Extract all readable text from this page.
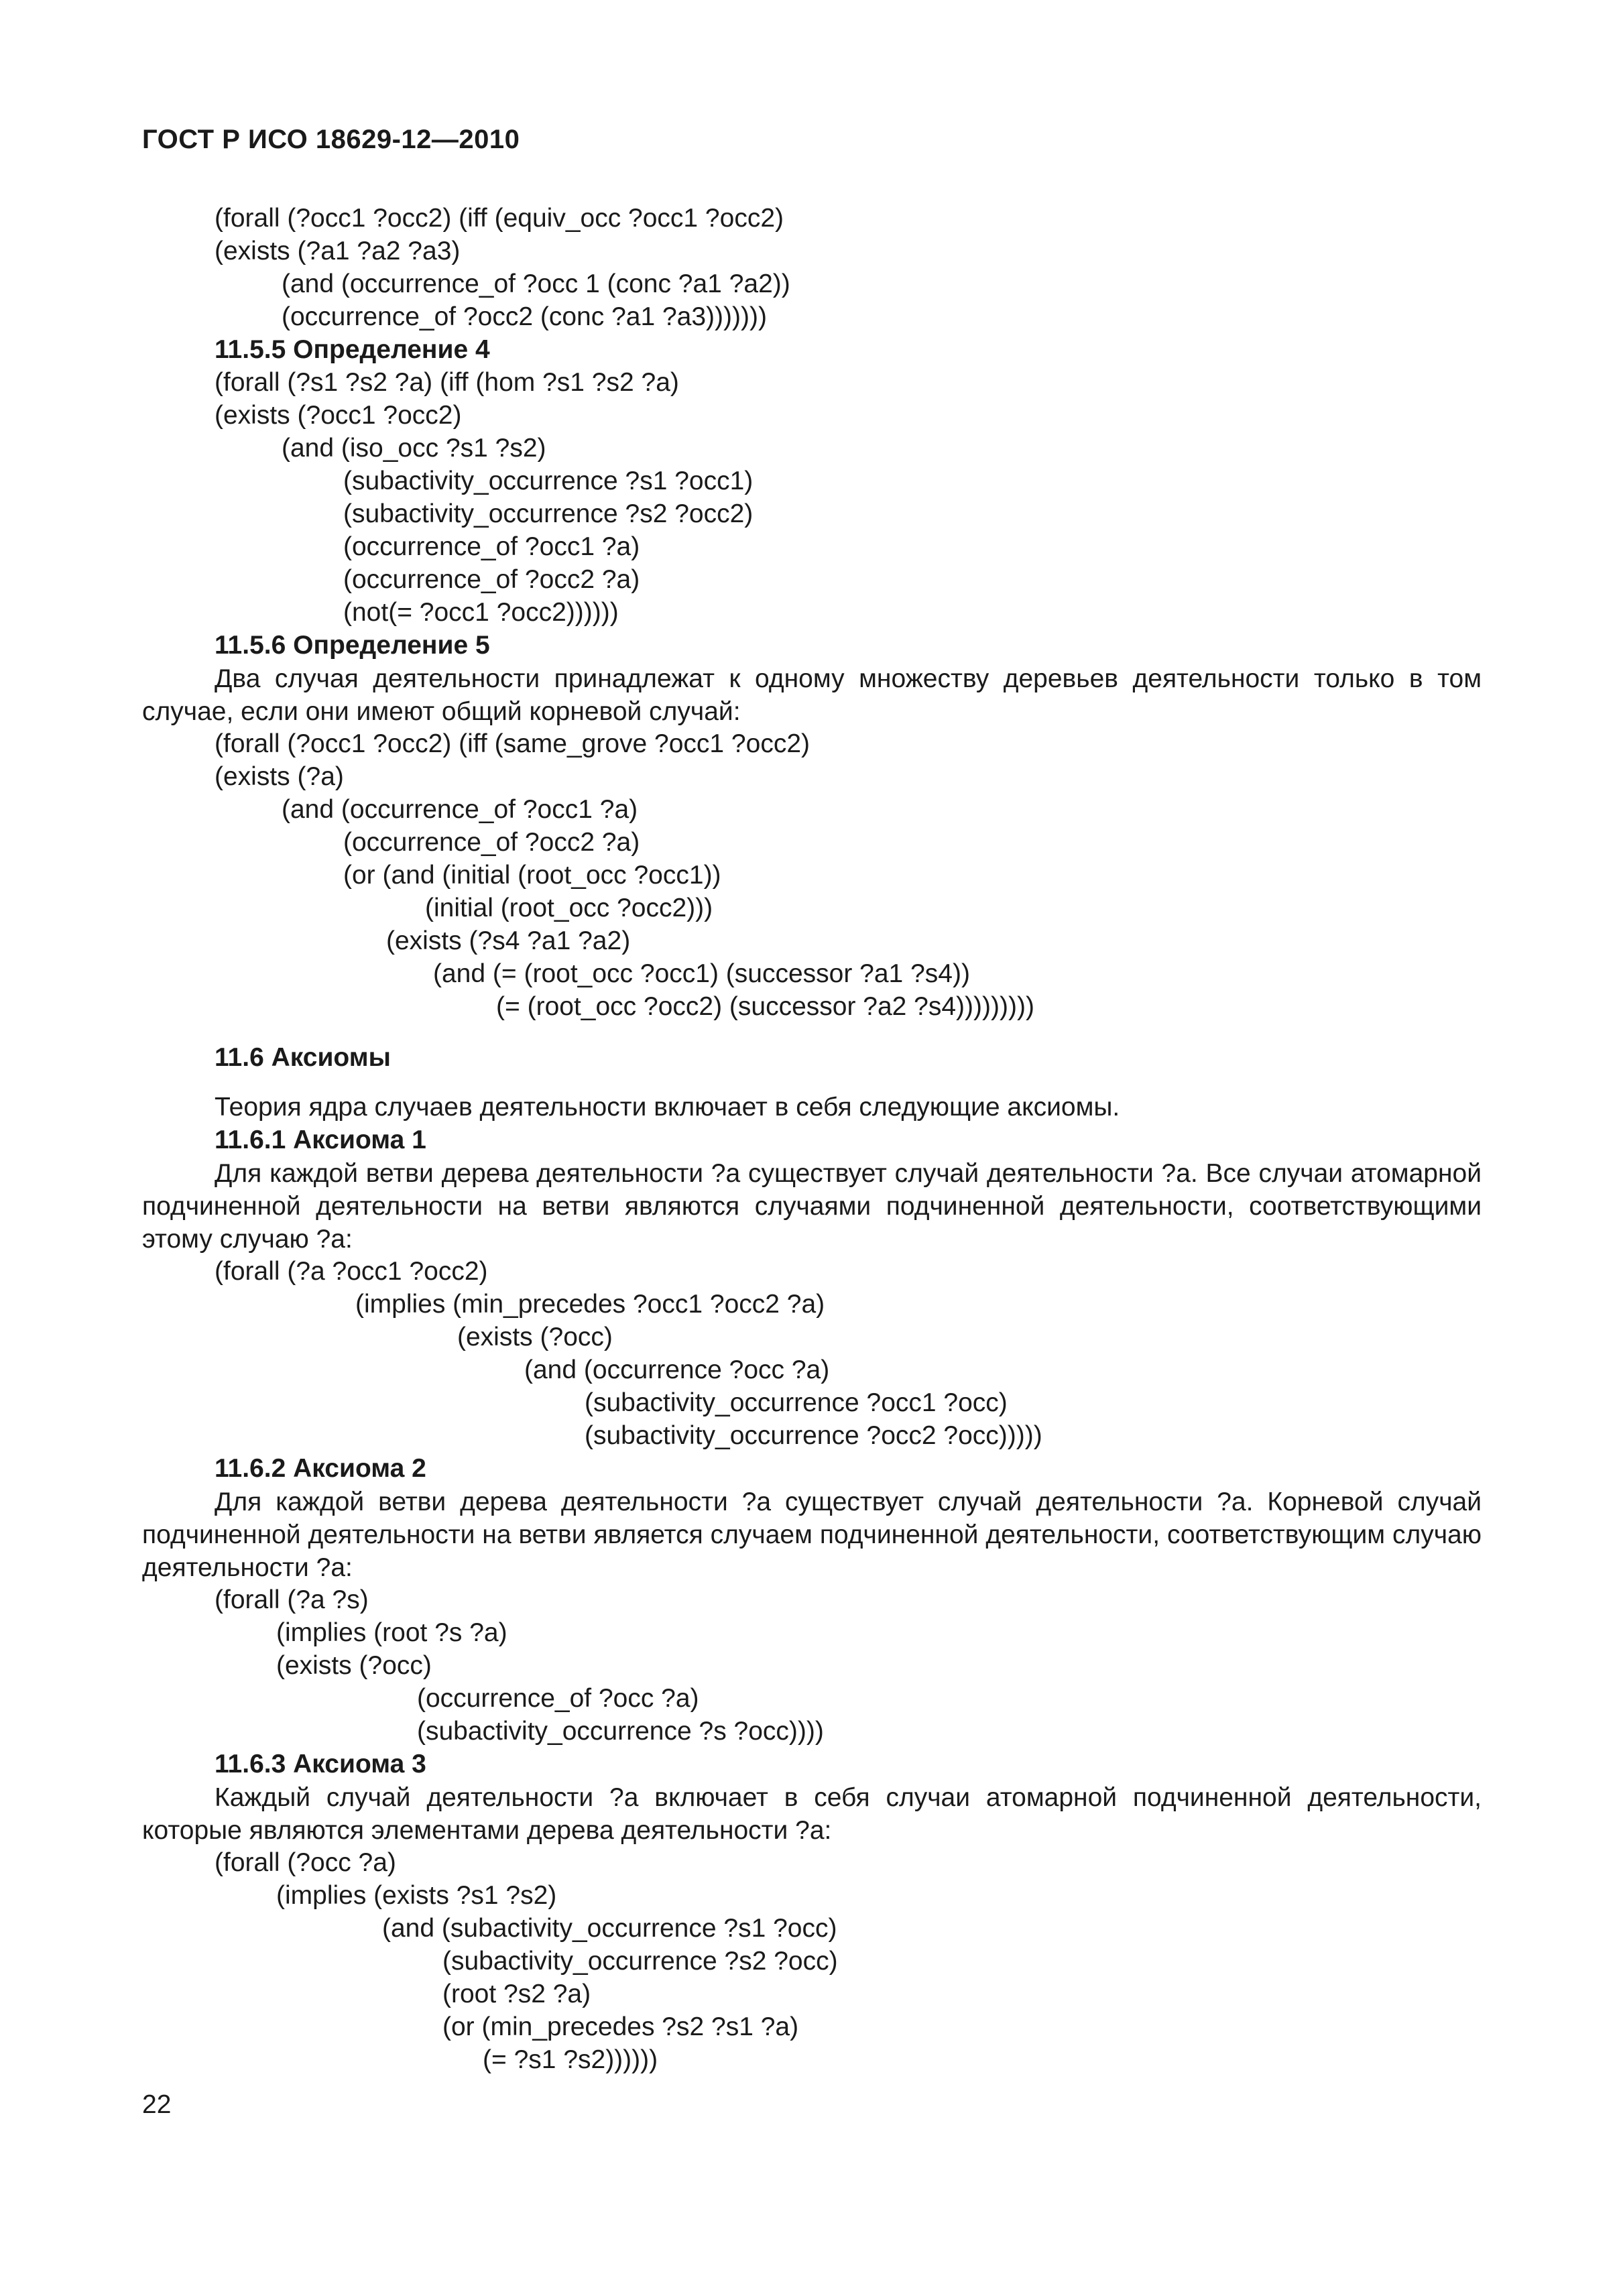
ГОСТ Р ИСО 18629-12—2010
(forall (?occ1 ?occ2) (iff (equiv_occ ?occ1 ?occ2)
(exists (?a1 ?a2 ?a3)
(and (occurrence_of ?occ 1 (conc ?a1 ?a2))
(occurrence_of ?occ2 (conc ?a1 ?a3)))))))
11.5.5 Определение 4
(forall (?s1 ?s2 ?a) (iff (hom ?s1 ?s2 ?a)
(exists (?occ1 ?occ2)
(and (iso_occ ?s1 ?s2)
(subactivity_occurrence ?s1 ?occ1)
(subactivity_occurrence ?s2 ?occ2)
(occurrence_of ?occ1 ?a)
(occurrence_of ?occ2 ?a)
(not(= ?occ1 ?occ2))))))
11.5.6 Определение 5

Два случая деятельности принадлежат к одному множеству деревьев деятельности только в том случае, если они имеют общий корневой случай:

(forall (?occ1 ?occ2) (iff (same_grove ?occ1 ?occ2)
(exists (?a)
(and (occurrence_of ?occ1 ?a)
(occurrence_of ?occ2 ?a)
(or (and (initial (root_occ ?occ1))
(initial (root_occ ?occ2)))
(exists (?s4 ?a1 ?a2)
(and (= (root_occ ?occ1) (successor ?a1 ?s4))
(= (root_occ ?occ2) (successor ?a2 ?s4)))))))))
11.6 Аксиомы
Теория ядра случаев деятельности включает в себя следующие аксиомы.
11.6.1 Аксиома 1

Для каждой ветви дерева деятельности ?a существует случай деятельности ?a. Все случаи атомарной подчиненной деятельности на ветви являются случаями подчиненной деятельности, соответствующими этому случаю ?a:

(forall (?a ?occ1 ?occ2)
(implies (min_precedes ?occ1 ?occ2 ?a)
(exists (?occ)
(and (occurrence ?occ ?a)
(subactivity_occurrence ?occ1 ?occ)
(subactivity_occurrence ?occ2 ?occ)))))
11.6.2 Аксиома 2

Для каждой ветви дерева деятельности ?a существует случай деятельности ?a. Корневой случай подчиненной деятельности на ветви является случаем подчиненной деятельности, соответствующим случаю деятельности ?a:

(forall (?a ?s)
(implies (root ?s ?a)
(exists (?occ)
(occurrence_of ?occ ?a)
(subactivity_occurrence ?s ?occ))))
11.6.3 Аксиома 3

Каждый случай деятельности ?a включает в себя случаи атомарной подчиненной деятельности, которые являются элементами дерева деятельности ?a:

(forall (?occ ?a)
(implies (exists ?s1 ?s2)
(and (subactivity_occurrence ?s1 ?occ)
(subactivity_occurrence ?s2 ?occ)
(root ?s2 ?a)
(or (min_precedes ?s2 ?s1 ?a)
(= ?s1 ?s2))))))
22
